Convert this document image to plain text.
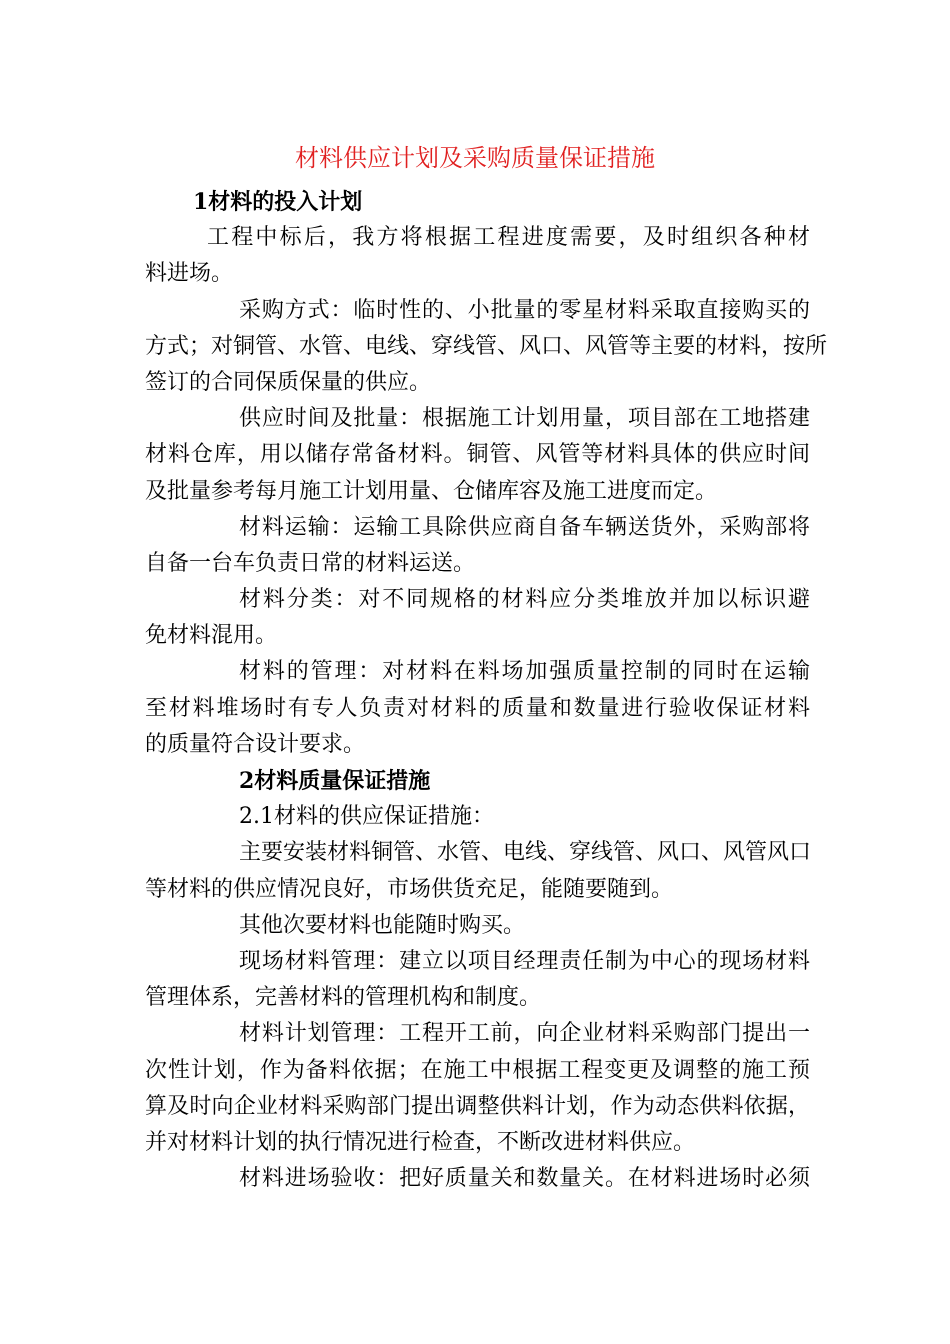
材料供应计划及采购质量保证措施

1材料的投入计划

工程中标后，我方将根据工程进度需要，及时组织各种材

料进场。

采购方式：临时性的、小批量的零星材料采取直接购买的

方式；对铜管、水管、电线、穿线管、风口、风管等主要的材料，按所

签订的合同保质保量的供应。

供应时间及批量：根据施工计划用量，项目部在工地搭建

材料仓库，用以储存常备材料。铜管、风管等材料具体的供应时间

及批量参考每月施工计划用量、仓储库容及施工进度而定。

材料运输：运输工具除供应商自备车辆送货外，采购部将

自备一台车负责日常的材料运送。

材料分类：对不同规格的材料应分类堆放并加以标识避

免材料混用。

材料的管理：对材料在料场加强质量控制的同时在运输

至材料堆场时有专人负责对材料的质量和数量进行验收保证材料

的质量符合设计要求。

2材料质量保证措施

2.1材料的供应保证措施：

主要安装材料铜管、水管、电线、穿线管、风口、风管风口

等材料的供应情况良好，市场供货充足，能随要随到。

其他次要材料也能随时购买。

现场材料管理：建立以项目经理责任制为中心的现场材料

管理体系，完善材料的管理机构和制度。

材料计划管理：工程开工前，向企业材料采购部门提出一

次性计划，作为备料依据；在施工中根据工程变更及调整的施工预

算及时向企业材料采购部门提出调整供料计划，作为动态供料依据，

并对材料计划的执行情况进行检查，不断改进材料供应。

材料进场验收：把好质量关和数量关。在材料进场时必须
